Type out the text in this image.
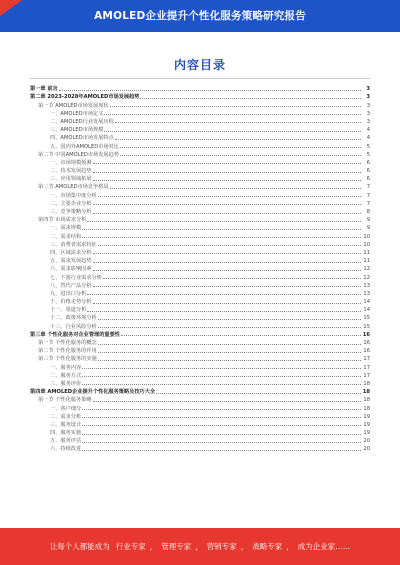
AMOLED企业提升个性化服务策略研究报告
内容目录
第一章 前言	3
第二章 2023-2028年AMOLED市场发展趋势	3
第一节 AMOLED市场发展现状	3
一、AMOLED市场定义	3
二、AMOLED行业发展历程	3
三、AMOLED市场规模	4
四、AMOLED市场发展特点	4
五、国内外AMOLED市场对比	5
第二节 中国AMOLED市场发展趋势	5
一、市场规模预测	6
二、技术发展趋势	6
三、应用领域拓展	6
第三节 AMOLED市场竞争格局	7
一、市场集中度分析	7
二、主要企业分析	7
三、竞争策略分析	8
第四节 市场需求分析	9
一、需求规模	9
二、需求结构	10
三、消费者需求特征	10
四、区域需求分析	11
五、需求发展趋势	11
六、需求影响因素	12
七、下游行业需求分析	12
八、替代产品分析	13
九、进出口分析	13
十、价格走势分析	14
十一、渠道分析	14
十二、政策环境分析	15
十三、行业风险分析	15
第三章 个性化服务对企业管理的重要性	16
第一节 个性化服务的概念	16
第二节 个性化服务的作用	16
第三节 个性化服务的实施	17
一、服务内容	17
二、服务方式	17
三、服务评价	18
第四章 AMOLED企业提升个性化服务策略及技巧大全	18
第一节 个性化服务策略	18
一、客户细分	18
二、需求分析	19
三、服务设计	19
四、服务实施	19
五、服务评估	20
六、持续改进	20
让每个人都能成为 行业专家 ， 管理专家 ， 营销专家 ， 战略专家 ， 成为企业家……
